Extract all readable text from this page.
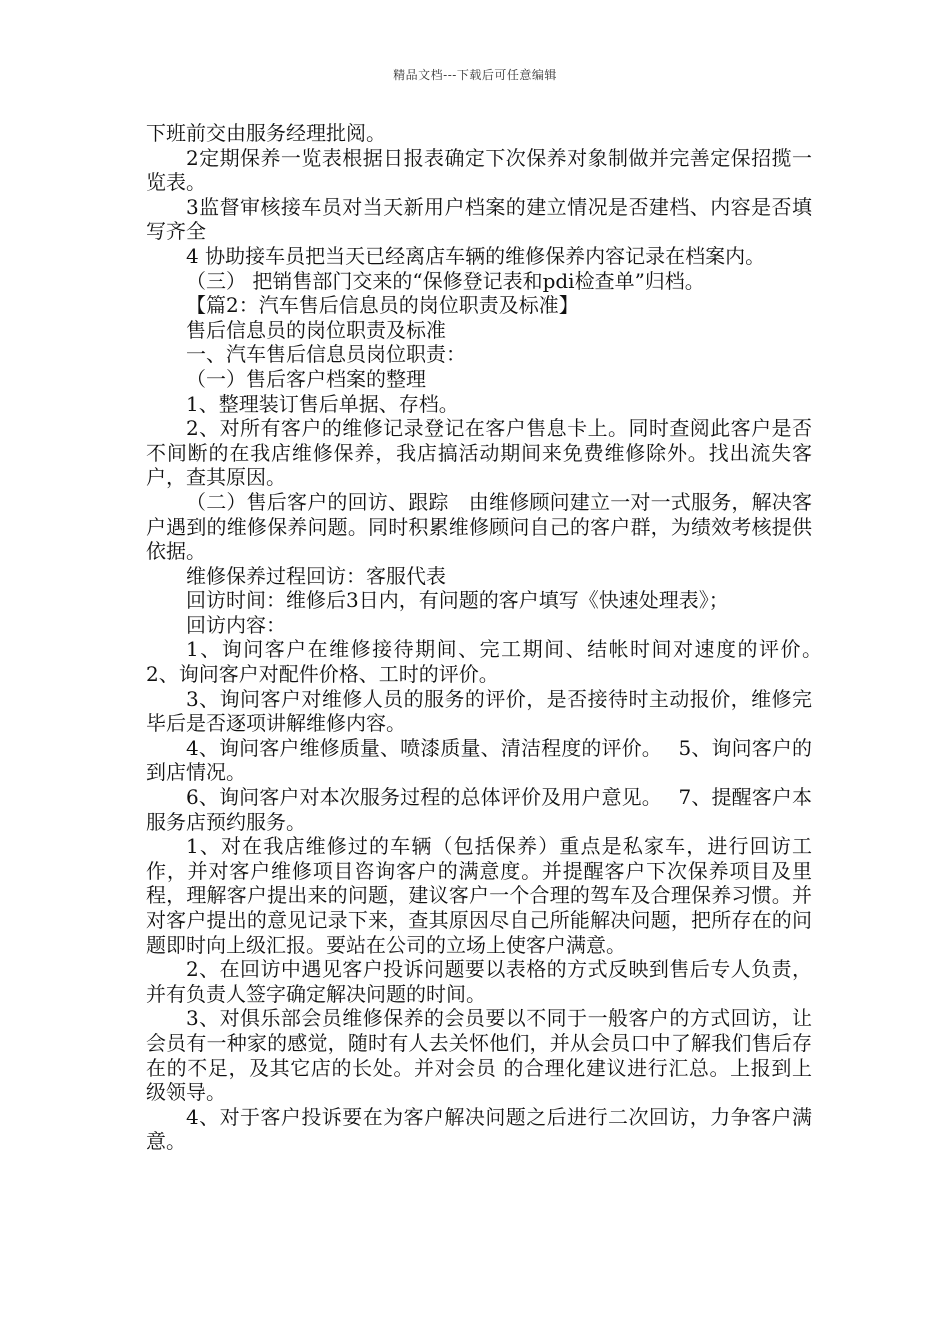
精品文档---下载后可任意编辑

下班前交由服务经理批阅。

2定期保养一览表根据日报表确定下次保养对象制做并完善定保招揽一览表。

3监督审核接车员对当天新用户档案的建立情况是否建档、内容是否填写齐全

4 协助接车员把当天已经离店车辆的维修保养内容记录在档案内。

（三） 把销售部门交来的“保修登记表和pdi检查单”归档。

【篇2：汽车售后信息员的岗位职责及标准】

售后信息员的岗位职责及标准

一、汽车售后信息员岗位职责：

（一）售后客户档案的整理

1、整理装订售后单据、存档。

2、对所有客户的维修记录登记在客户售息卡上。同时查阅此客户是否不间断的在我店维修保养，我店搞活动期间来免费维修除外。找出流失客户，查其原因。

（二）售后客户的回访、跟踪　由维修顾问建立一对一式服务，解决客户遇到的维修保养问题。同时积累维修顾问自己的客户群，为绩效考核提供依据。

维修保养过程回访：客服代表

回访时间：维修后3日内，有问题的客户填写《快速处理表》；

回访内容：

1、询问客户在维修接待期间、完工期间、结帐时间对速度的评价。　2、询问客户对配件价格、工时的评价。

3、询问客户对维修人员的服务的评价，是否接待时主动报价，维修完毕后是否逐项讲解维修内容。

4、询问客户维修质量、喷漆质量、清洁程度的评价。　 5、询问客户的到店情况。

6、询问客户对本次服务过程的总体评价及用户意见。　 7、提醒客户本服务店预约服务。

1、对在我店维修过的车辆（包括保养）重点是私家车，进行回访工作，并对客户维修项目咨询客户的满意度。并提醒客户下次保养项目及里程，理解客户提出来的问题，建议客户一个合理的驾车及合理保养习惯。并对客户提出的意见记录下来，查其原因尽自己所能解决问题，把所存在的问题即时向上级汇报。要站在公司的立场上使客户满意。

2、在回访中遇见客户投诉问题要以表格的方式反映到售后专人负责，并有负责人签字确定解决问题的时间。

3、对俱乐部会员维修保养的会员要以不同于一般客户的方式回访，让会员有一种家的感觉，随时有人去关怀他们，并从会员口中了解我们售后存在的不足，及其它店的长处。并对会员 的合理化建议进行汇总。上报到上级领导。

4、对于客户投诉要在为客户解决问题之后进行二次回访，力争客户满意。
